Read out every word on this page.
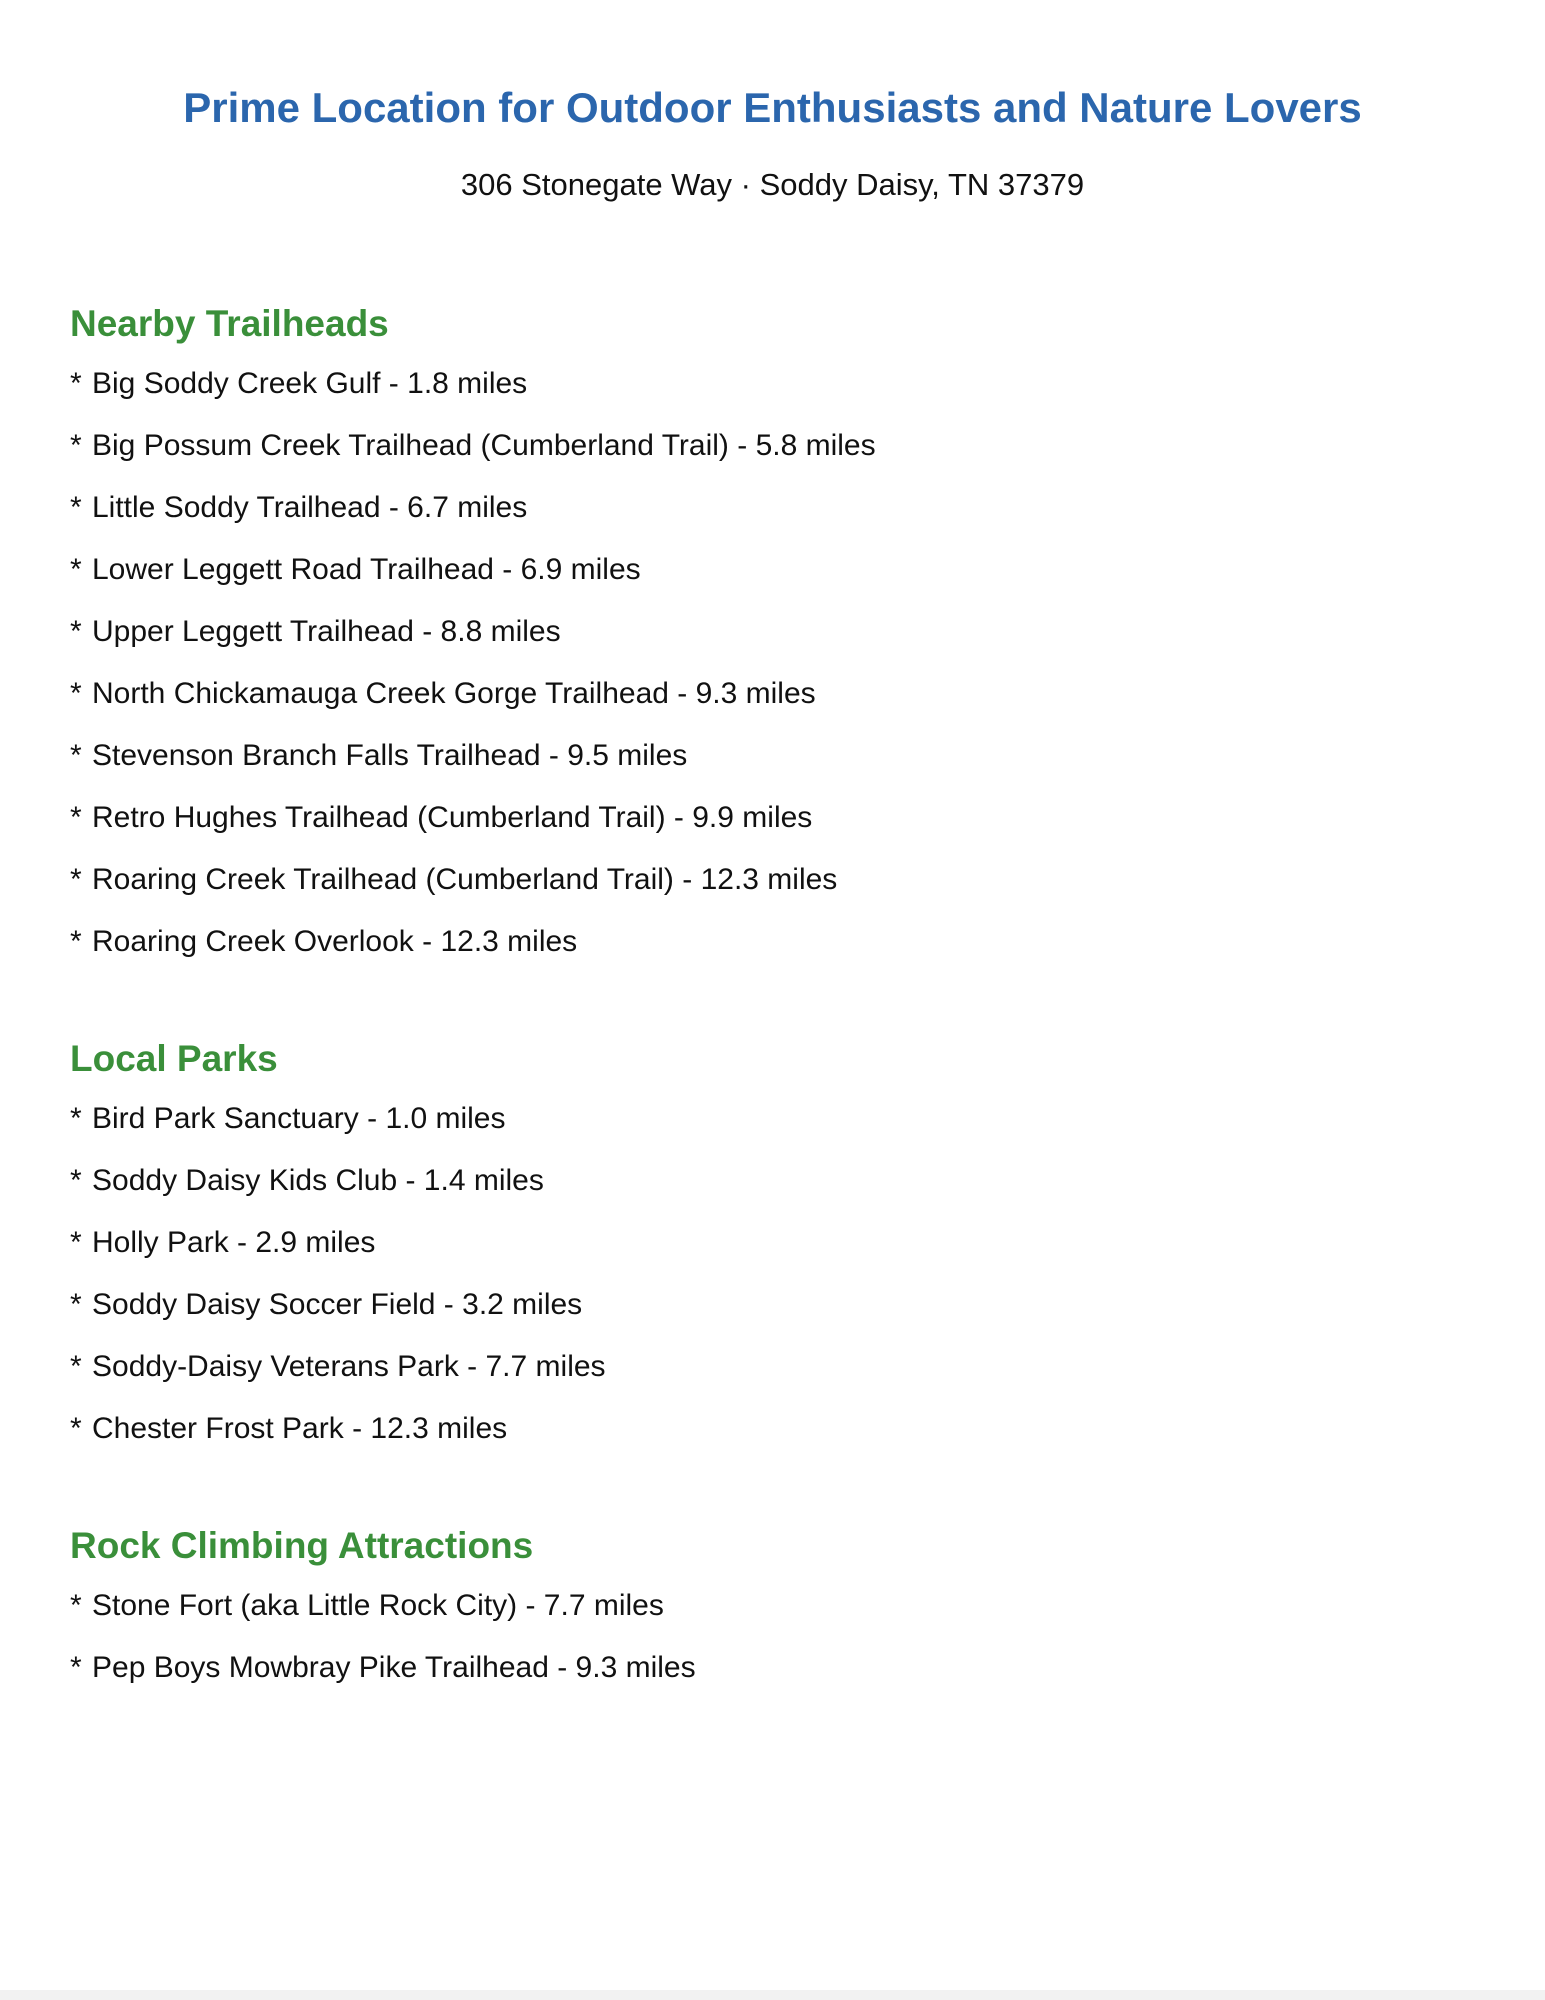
Prime Location for Outdoor Enthusiasts and Nature Lovers
306 Stonegate Way · Soddy Daisy, TN 37379
Nearby Trailheads
* Big Soddy Creek Gulf - 1.8 miles
* Big Possum Creek Trailhead (Cumberland Trail) - 5.8 miles
* Little Soddy Trailhead - 6.7 miles
* Lower Leggett Road Trailhead - 6.9 miles
* Upper Leggett Trailhead - 8.8 miles
* North Chickamauga Creek Gorge Trailhead - 9.3 miles
* Stevenson Branch Falls Trailhead - 9.5 miles
* Retro Hughes Trailhead (Cumberland Trail) - 9.9 miles
* Roaring Creek Trailhead (Cumberland Trail) - 12.3 miles
* Roaring Creek Overlook - 12.3 miles
Local Parks
* Bird Park Sanctuary - 1.0 miles
* Soddy Daisy Kids Club - 1.4 miles
* Holly Park - 2.9 miles
* Soddy Daisy Soccer Field - 3.2 miles
* Soddy-Daisy Veterans Park - 7.7 miles
* Chester Frost Park - 12.3 miles
Rock Climbing Attractions
* Stone Fort (aka Little Rock City) - 7.7 miles
* Pep Boys Mowbray Pike Trailhead - 9.3 miles
